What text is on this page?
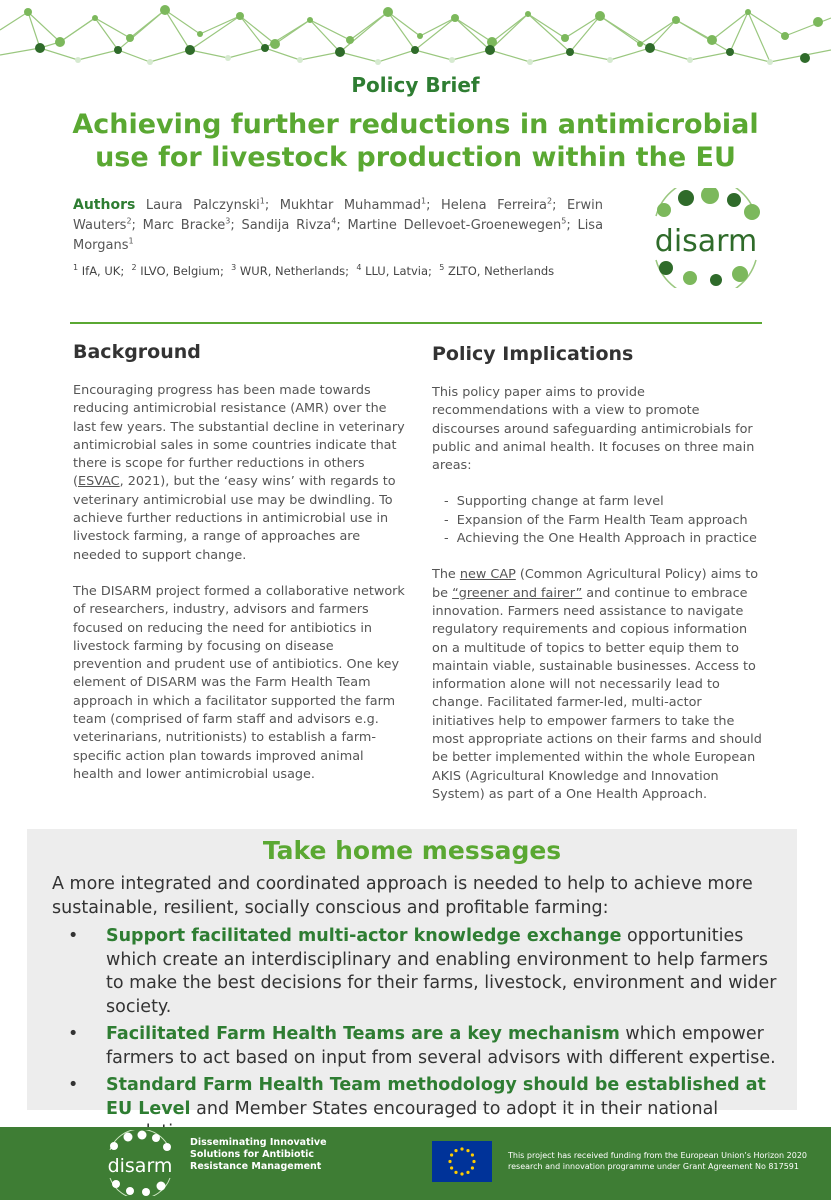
Policy Brief
Achieving further reductions in antimicrobial
use for livestock production within the EU
Authors Laura Palczynski$^1$; Mukhtar Muhammad$^1$; Helena Ferreira$^2$; Erwin Wauters$^2$; Marc Bracke$^3$; Sandija Rivza$^4$; Martine Dellevoet-Groenewegen$^5$; Lisa Morgans$^1$
$^1$ IfA, UK; $^2$ ILVO, Belgium; $^3$ WUR, Netherlands; $^4$ LLU, Latvia; $^5$ ZLTO, Netherlands
disarm
Background

Encouraging progress has been made towards reducing antimicrobial resistance (AMR) over the last few years. The substantial decline in veterinary antimicrobial sales in some countries indicate that there is scope for further reductions in others (ESVAC, 2021), but the ‘easy wins’ with regards to veterinary antimicrobial use may be dwindling. To achieve further reductions in antimicrobial use in livestock farming, a range of approaches are needed to support change.

The DISARM project formed a collaborative network of researchers, industry, advisors and farmers focused on reducing the need for antibiotics in livestock farming by focusing on disease prevention and prudent use of antibiotics. One key element of DISARM was the Farm Health Team approach in which a facilitator supported the farm team (comprised of farm staff and advisors e.g. veterinarians, nutritionists) to establish a farm-specific action plan towards improved animal health and lower antimicrobial usage.

Policy Implications

This policy paper aims to provide recommendations with a view to promote discourses around safeguarding antimicrobials for public and animal health. It focuses on three main areas:

- Supporting change at farm level
- Expansion of the Farm Health Team approach
- Achieving the One Health Approach in practice

The new CAP (Common Agricultural Policy) aims to be “greener and fairer” and continue to embrace innovation. Farmers need assistance to navigate regulatory requirements and copious information on a multitude of topics to better equip them to maintain viable, sustainable businesses. Access to information alone will not necessarily lead to change. Facilitated farmer-led, multi-actor initiatives help to empower farmers to take the most appropriate actions on their farms and should be better implemented within the whole European AKIS (Agricultural Knowledge and Innovation System) as part of a One Health Approach.

Take home messages
A more integrated and coordinated approach is needed to help to achieve more sustainable, resilient, socially conscious and profitable farming:
• Support facilitated multi-actor knowledge exchange opportunities which create an interdisciplinary and enabling environment to help farmers to make the best decisions for their farms, livestock, environment and wider society.
• Facilitated Farm Health Teams are a key mechanism which empower farmers to act based on input from several advisors with different expertise.
• Standard Farm Health Team methodology should be established at EU Level and Member States encouraged to adopt it in their national
disarm
Disseminating Innovative
Solutions for Antibiotic
Resistance Management
This project has received funding from the European Union’s Horizon 2020
research and innovation programme under Grant Agreement No 817591
